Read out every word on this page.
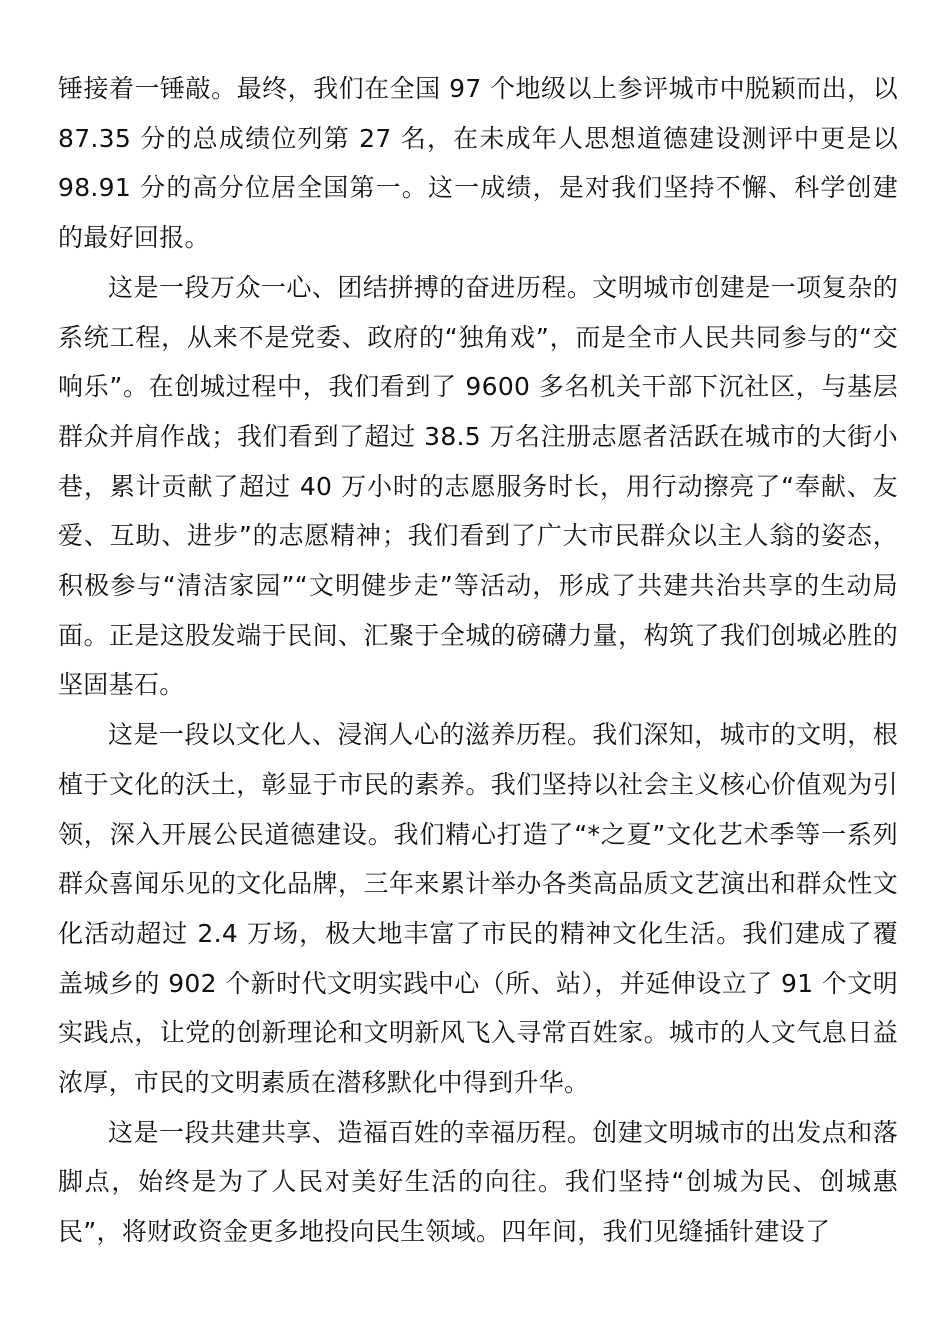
锤接着一锤敲。最终，我们在全国 97 个地级以上参评城市中脱颖而出，以 87.35 分的总成绩位列第 27 名，在未成年人思想道德建设测评中更是以 98.91 分的高分位居全国第一。这一成绩，是对我们坚持不懈、科学创建的最好回报。

这是一段万众一心、团结拼搏的奋进历程。文明城市创建是一项复杂的系统工程，从来不是党委、政府的“独角戏”，而是全市人民共同参与的“交响乐”。在创城过程中，我们看到了 9600 多名机关干部下沉社区，与基层群众并肩作战；我们看到了超过 38.5 万名注册志愿者活跃在城市的大街小巷，累计贡献了超过 40 万小时的志愿服务时长，用行动擦亮了“奉献、友爱、互助、进步”的志愿精神；我们看到了广大市民群众以主人翁的姿态，积极参与“清洁家园”“文明健步走”等活动，形成了共建共治共享的生动局面。正是这股发端于民间、汇聚于全城的磅礴力量，构筑了我们创城必胜的坚固基石。

这是一段以文化人、浸润人心的滋养历程。我们深知，城市的文明，根植于文化的沃土，彰显于市民的素养。我们坚持以社会主义核心价值观为引领，深入开展公民道德建设。我们精心打造了“*之夏”文化艺术季等一系列群众喜闻乐见的文化品牌，三年来累计举办各类高品质文艺演出和群众性文化活动超过 2.4 万场，极大地丰富了市民的精神文化生活。我们建成了覆盖城乡的 902 个新时代文明实践中心（所、站），并延伸设立了 91 个文明实践点，让党的创新理论和文明新风飞入寻常百姓家。城市的人文气息日益浓厚，市民的文明素质在潜移默化中得到升华。

这是一段共建共享、造福百姓的幸福历程。创建文明城市的出发点和落脚点，始终是为了人民对美好生活的向往。我们坚持“创城为民、创城惠民”，将财政资金更多地投向民生领域。四年间，我们见缝插针建设了
